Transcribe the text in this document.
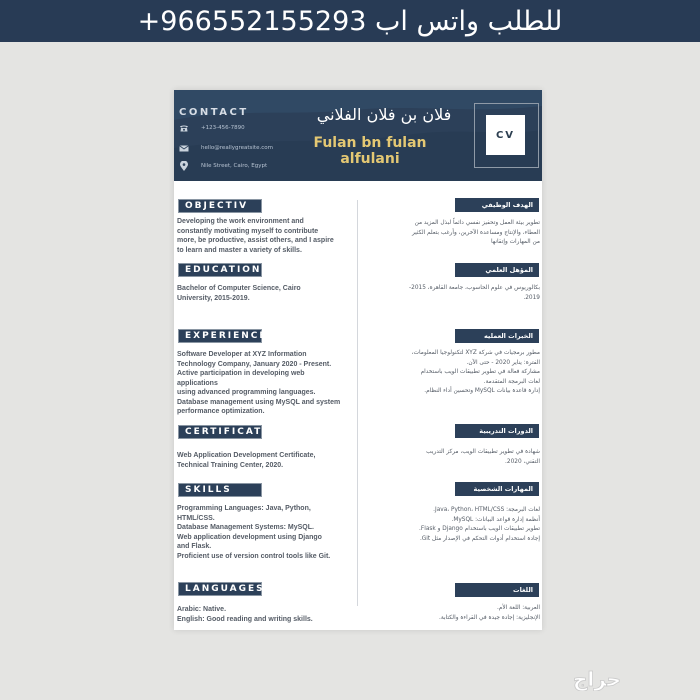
للطلب واتس اب 966552155293+
CONTACT
+123-456-7890
hello@reallygreatsite.com
Nile Street, Cairo, Egypt
فلان بن فلان الفلاني
Fulan bn fulan alfulani
CV
OBJECTIV
Developing the work environment and
constantly motivating myself to contribute
more, be productive, assist others, and I aspire
to learn and master a variety of skills.
EDUCATION
Bachelor of Computer Science, Cairo
University, 2015-2019.
EXPERIENCE
Software Developer at XYZ Information
Technology Company, January 2020 - Present.
Active participation in developing web applications
using advanced programming languages.
Database management using MySQL and system
performance optimization.
CERTIFICATE
Web Application Development Certificate,
Technical Training Center, 2020.
SKILLS
Programming Languages: Java, Python,
HTML/CSS.
Database Management Systems: MySQL.
Web application development using Django
and Flask.
Proficient use of version control tools like Git.
LANGUAGES
Arabic: Native.
English: Good reading and writing skills.
الهدف الوظيفي
تطوير بيئة العمل وتحفيز نفسي دائماً لبذل المزيد من
العطاء، والإنتاج ومساعدة الآخرين، وأرغب بتعلم الكثير
من المهارات وإتقانها
المؤهل العلمي
بكالوريوس في علوم الحاسوب، جامعة القاهرة، 2015-
2019.
الخبرات العمليه
مطور برمجيات في شركة XYZ لتكنولوجيا المعلومات،
الفترة: يناير 2020 - حتى الآن.
مشاركة فعالة في تطوير تطبيقات الويب باستخدام
لغات البرمجة المتقدمة.
إدارة قاعدة بيانات MySQL وتحسين أداء النظام.
الدورات التدريبية
شهادة في تطوير تطبيقات الويب، مركز التدريب
التقني، 2020.
المهارات الشخصية
لغات البرمجة: Java، Python، HTML/CSS.
أنظمة إدارة قواعد البيانات: MySQL.
تطوير تطبيقات الويب باستخدام Django و Flask.
إجادة استخدام أدوات التحكم في الإصدار مثل Git.
اللغات
العربية: اللغة الأم.
الإنجليزية: إجادة جيدة في القراءة والكتابة.
حراج
